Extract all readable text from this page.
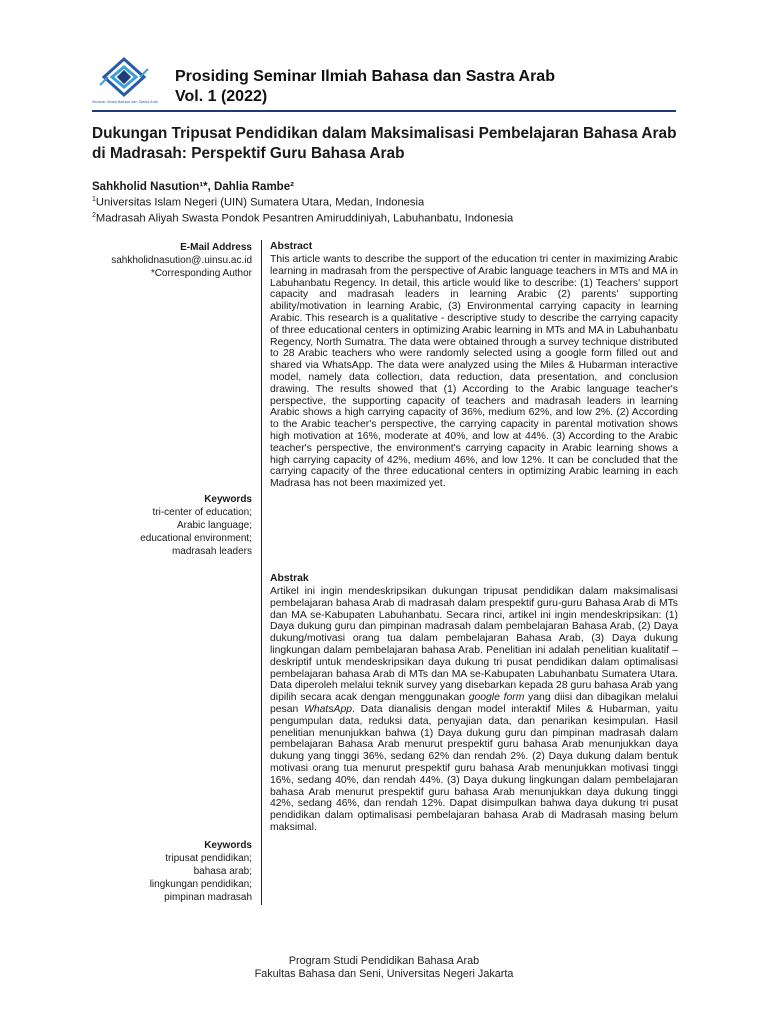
Seminar Ilmiah Bahasa dan Sastra Arab
Prosiding Seminar Ilmiah Bahasa dan Sastra Arab
Vol. 1 (2022)
Dukungan Tripusat Pendidikan dalam Maksimalisasi Pembelajaran Bahasa Arab di Madrasah: Perspektif Guru Bahasa Arab
Sahkholid Nasution¹*, Dahlia Rambe²
$^1$Universitas Islam Negeri (UIN) Sumatera Utara, Medan, Indonesia
$^2$Madrasah Aliyah Swasta Pondok Pesantren Amiruddiniyah, Labuhanbatu, Indonesia
E-Mail Address
sahkholidnasution@.uinsu.ac.id
*Corresponding Author
Keywords
tri-center of education;
Arabic language;
educational environment;
madrasah leaders
Keywords
tripusat pendidikan;
bahasa arab;
lingkungan pendidikan;
pimpinan madrasah
Abstract
This article wants to describe the support of the education tri center in maximizing Arabic learning in madrasah from the perspective of Arabic language teachers in MTs and MA in Labuhanbatu Regency. In detail, this article would like to describe: (1) Teachers' support capacity and madrasah leaders in learning Arabic (2) parents' supporting ability/motivation in learning Arabic, (3) Environmental carrying capacity in learning Arabic. This research is a qualitative - descriptive study to describe the carrying capacity of three educational centers in optimizing Arabic learning in MTs and MA in Labuhanbatu Regency, North Sumatra. The data were obtained through a survey technique distributed to 28 Arabic teachers who were randomly selected using a google form filled out and shared via WhatsApp. The data were analyzed using the Miles & Hubarman interactive model, namely data collection, data reduction, data presentation, and conclusion drawing. The results showed that (1) According to the Arabic language teacher's perspective, the supporting capacity of teachers and madrasah leaders in learning Arabic shows a high carrying capacity of 36%, medium 62%, and low 2%. (2) According to the Arabic teacher's perspective, the carrying capacity in parental motivation shows high motivation at 16%, moderate at 40%, and low at 44%. (3) According to the Arabic teacher's perspective, the environment's carrying capacity in Arabic learning shows a high carrying capacity of 42%, medium 46%, and low 12%. It can be concluded that the carrying capacity of the three educational centers in optimizing Arabic learning in each Madrasa has not been maximized yet.
Abstrak
Artikel ini ingin mendeskripsikan dukungan tripusat pendidikan dalam maksimalisasi pembelajaran bahasa Arab di madrasah dalam prespektif guru-guru Bahasa Arab di MTs dan MA se-Kabupaten Labuhanbatu. Secara rinci, artikel ini ingin mendeskripsikan: (1) Daya dukung guru dan pimpinan madrasah dalam pembelajaran Bahasa Arab, (2) Daya dukung/motivasi orang tua dalam pembelajaran Bahasa Arab, (3) Daya dukung lingkungan dalam pembelajaran bahasa Arab. Penelitian ini adalah penelitian kualitatif – deskriptif untuk mendeskripsikan daya dukung tri pusat pendidikan dalam optimalisasi pembelajaran bahasa Arab di MTs dan MA se-Kabupaten Labuhanbatu Sumatera Utara. Data diperoleh melalui teknik survey yang disebarkan kepada 28 guru bahasa Arab yang dipilih secara acak dengan menggunakan google form yang diisi dan dibagikan melalui pesan WhatsApp. Data dianalisis dengan model interaktif Miles & Hubarman, yaitu pengumpulan data, reduksi data, penyajian data, dan penarikan kesimpulan. Hasil penelitian menunjukkan bahwa (1) Daya dukung guru dan pimpinan madrasah dalam pembelajaran Bahasa Arab menurut prespektif guru bahasa Arab menunjukkan daya dukung yang tinggi 36%, sedang 62% dan rendah 2%. (2) Daya dukung dalam bentuk motivasi orang tua menurut prespektif guru bahasa Arab menunjukkan motivasi tinggi 16%, sedang 40%, dan rendah 44%. (3) Daya dukung lingkungan dalam pembelajaran bahasa Arab menurut prespektif guru bahasa Arab menunjukkan daya dukung tinggi 42%, sedang 46%, dan rendah 12%. Dapat disimpulkan bahwa daya dukung tri pusat pendidikan dalam optimalisasi pembelajaran bahasa Arab di Madrasah masing belum maksimal.
Program Studi Pendidikan Bahasa Arab
Fakultas Bahasa dan Seni, Universitas Negeri Jakarta
